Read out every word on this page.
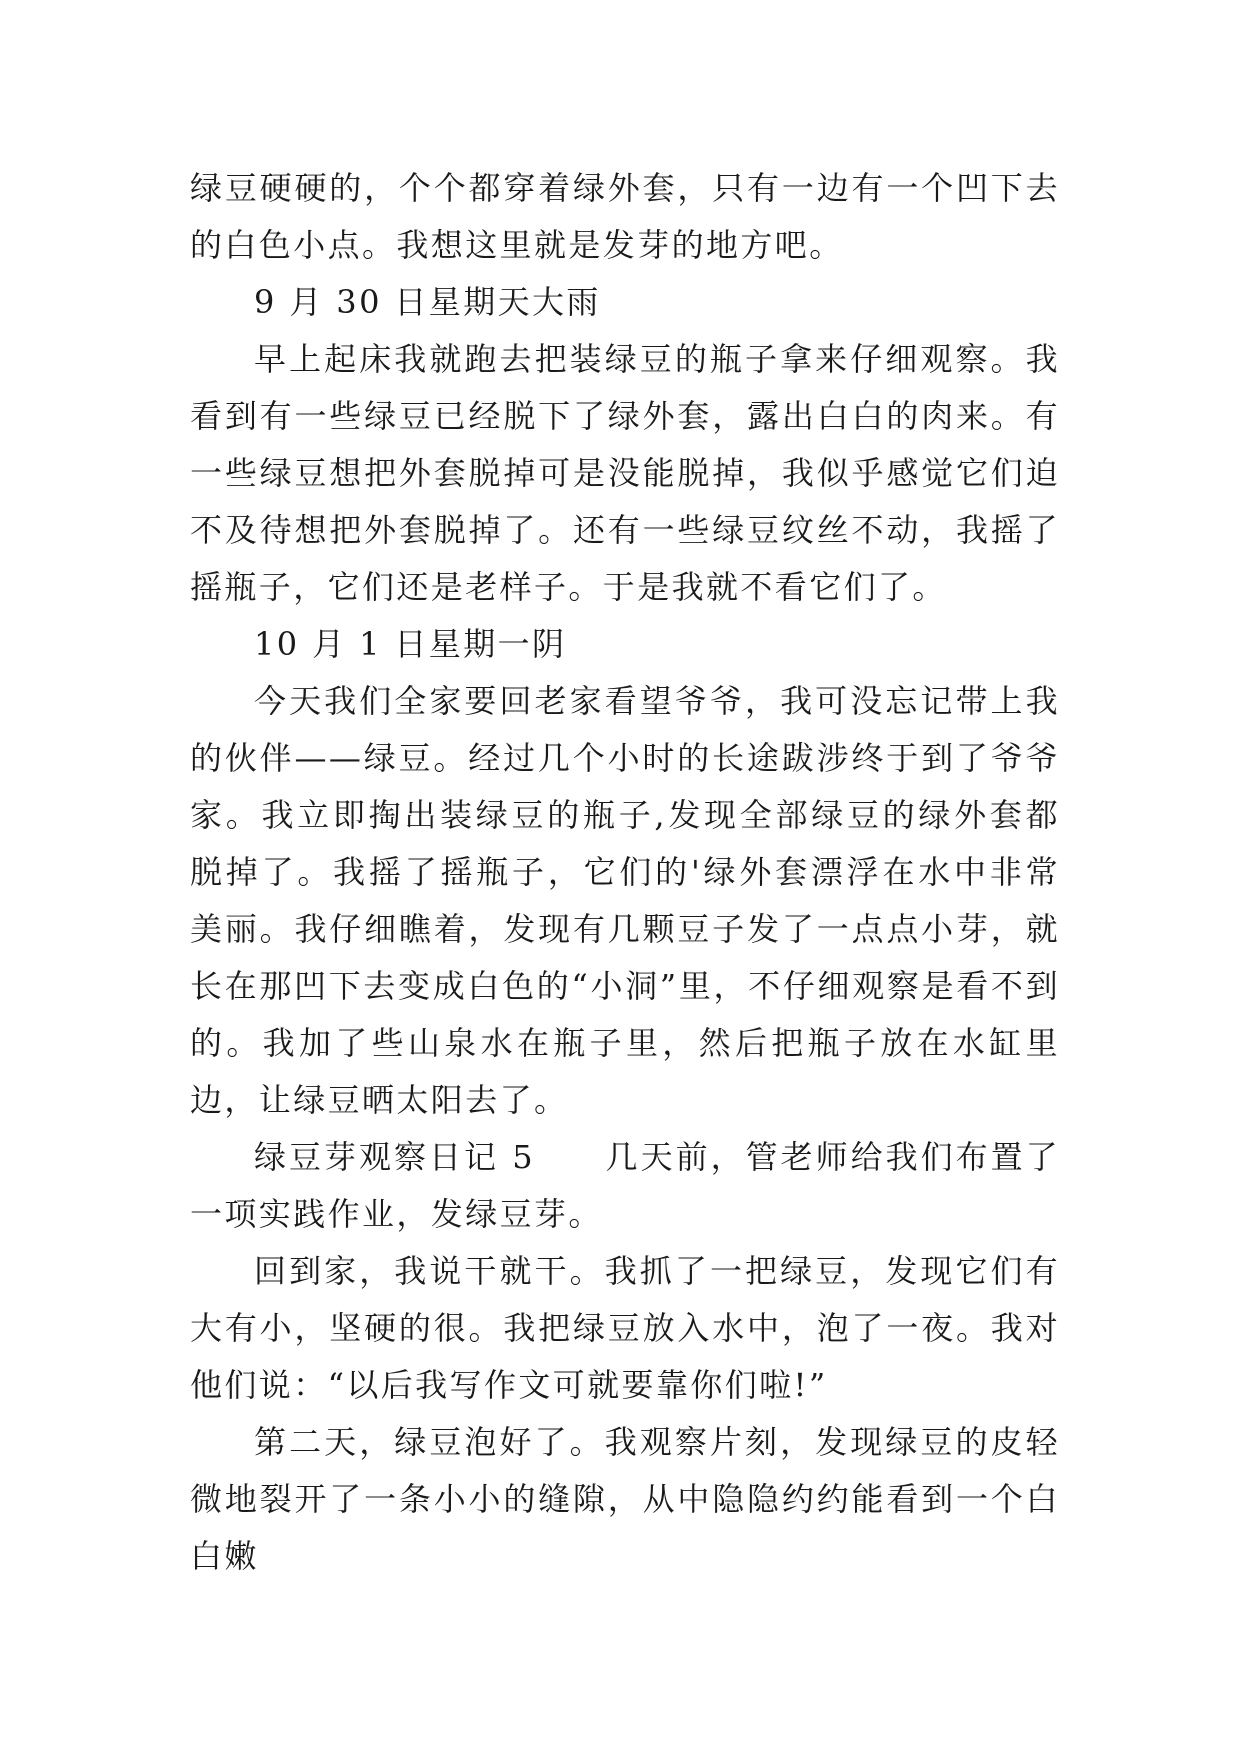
绿豆硬硬的，个个都穿着绿外套，只有一边有一个凹下去的白色小点。我想这里就是发芽的地方吧。

9 月 30 日星期天大雨

早上起床我就跑去把装绿豆的瓶子拿来仔细观察。我看到有一些绿豆已经脱下了绿外套，露出白白的肉来。有一些绿豆想把外套脱掉可是没能脱掉，我似乎感觉它们迫不及待想把外套脱掉了。还有一些绿豆纹丝不动，我摇了摇瓶子，它们还是老样子。于是我就不看它们了。

10 月 1 日星期一阴

今天我们全家要回老家看望爷爷，我可没忘记带上我的伙伴——绿豆。经过几个小时的长途跋涉终于到了爷爷家。我立即掏出装绿豆的瓶子,发现全部绿豆的绿外套都脱掉了。我摇了摇瓶子，它们的'绿外套漂浮在水中非常美丽。我仔细瞧着，发现有几颗豆子发了一点点小芽，就长在那凹下去变成白色的“小洞”里，不仔细观察是看不到的。我加了些山泉水在瓶子里，然后把瓶子放在水缸里边，让绿豆晒太阳去了。

绿豆芽观察日记 5　　几天前，管老师给我们布置了一项实践作业，发绿豆芽。

回到家，我说干就干。我抓了一把绿豆，发现它们有大有小，坚硬的很。我把绿豆放入水中，泡了一夜。我对他们说：“以后我写作文可就要靠你们啦!”

第二天，绿豆泡好了。我观察片刻，发现绿豆的皮轻微地裂开了一条小小的缝隙，从中隐隐约约能看到一个白白嫩
